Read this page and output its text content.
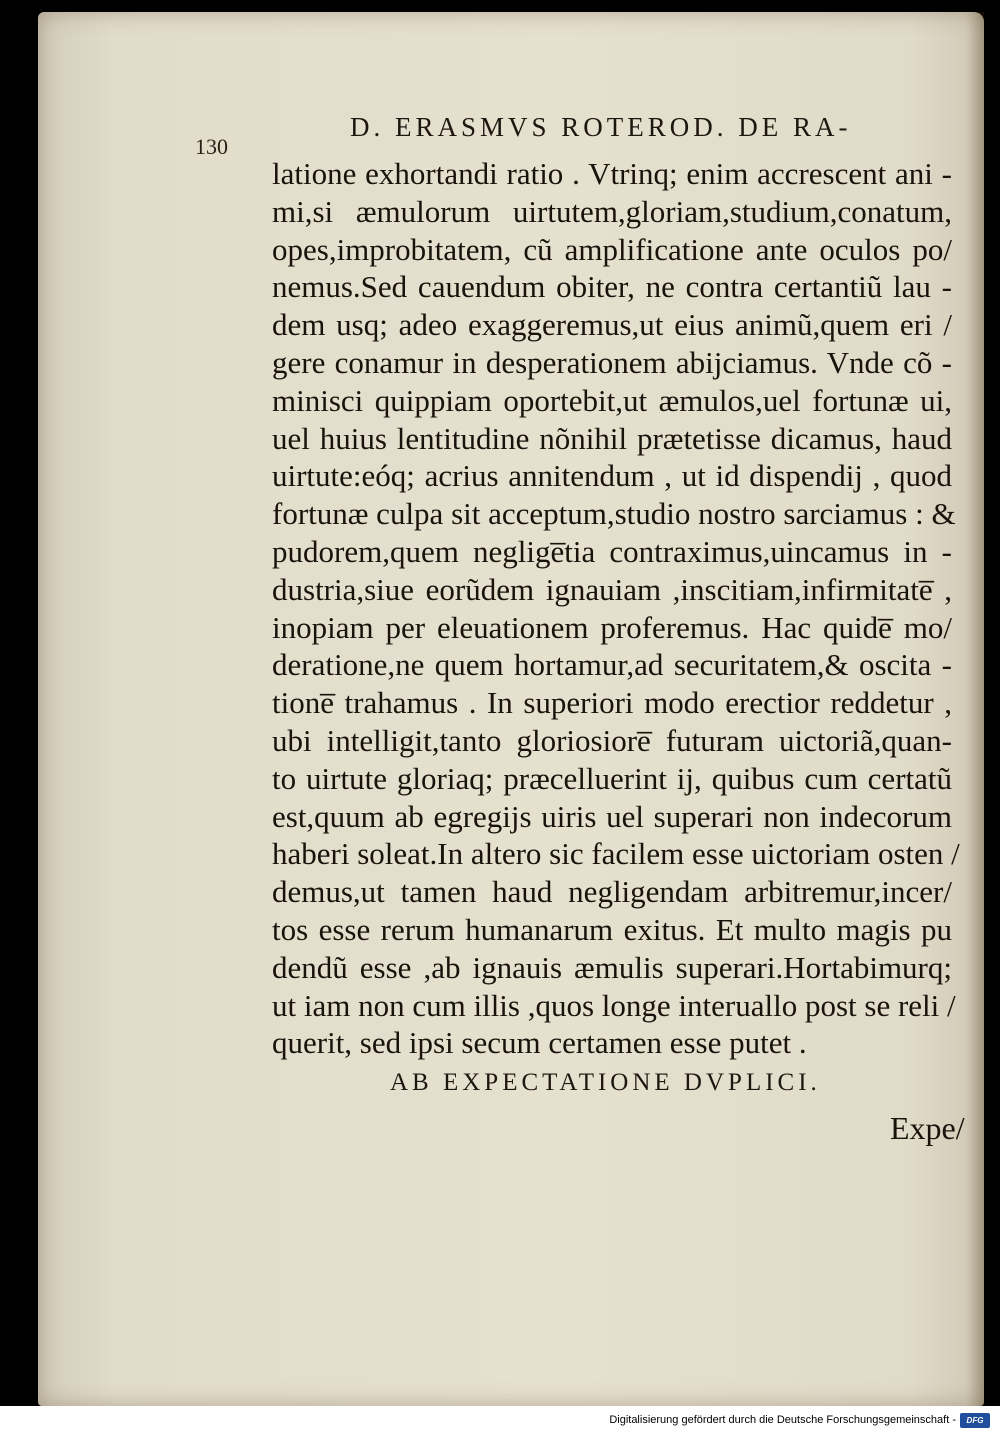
130
D. ERASMVS ROTEROD. DE RA-
latione exhortandi ratio . Vtrinq; enim accrescent ani -
mi,si æmulorum uirtutem,gloriam,studium,conatum,
opes,improbitatem, cũ amplificatione ante oculos po/
nemus.Sed cauendum obiter, ne contra certantiũ lau -
dem usq; adeo exaggeremus,ut eius animũ,quem eri /
gere conamur in desperationem abijciamus. Vnde cõ -
minisci quippiam oportebit,ut æmulos,uel fortunæ ui,
uel huius lentitudine nõnihil prætetisse dicamus, haud
uirtute:eóq; acrius annitendum , ut id dispendij , quod
fortunæ culpa sit acceptum,studio nostro sarciamus : &
pudorem,quem neglige̅tia contraximus,uincamus in -
dustria,siue eorũdem ignauiam ,inscitiam,infirmitate̅ ,
inopiam per eleuationem proferemus. Hac quide̅ mo/
deratione,ne quem hortamur,ad securitatem,& oscita -
tione̅ trahamus . In superiori modo erectior reddetur ,
ubi intelligit,tanto gloriosiore̅ futuram uictoriã,quan-
to uirtute gloriaq; præcelluerint ij, quibus cum certatũ
est,quum ab egregijs uiris uel superari non indecorum
haberi soleat.In altero sic facilem esse uictoriam osten /
demus,ut tamen haud negligendam arbitremur,incer/
tos esse rerum humanarum exitus. Et multo magis pu
dendũ esse ,ab ignauis æmulis superari.Hortabimurq;
ut iam non cum illis ,quos longe interuallo post se reli /
querit, sed ipsi secum certamen esse putet .
AB EXPECTATIONE DVPLICI.
Expe/
Digitalisierung gefördert durch die Deutsche Forschungsgemeinschaft -	DFG
